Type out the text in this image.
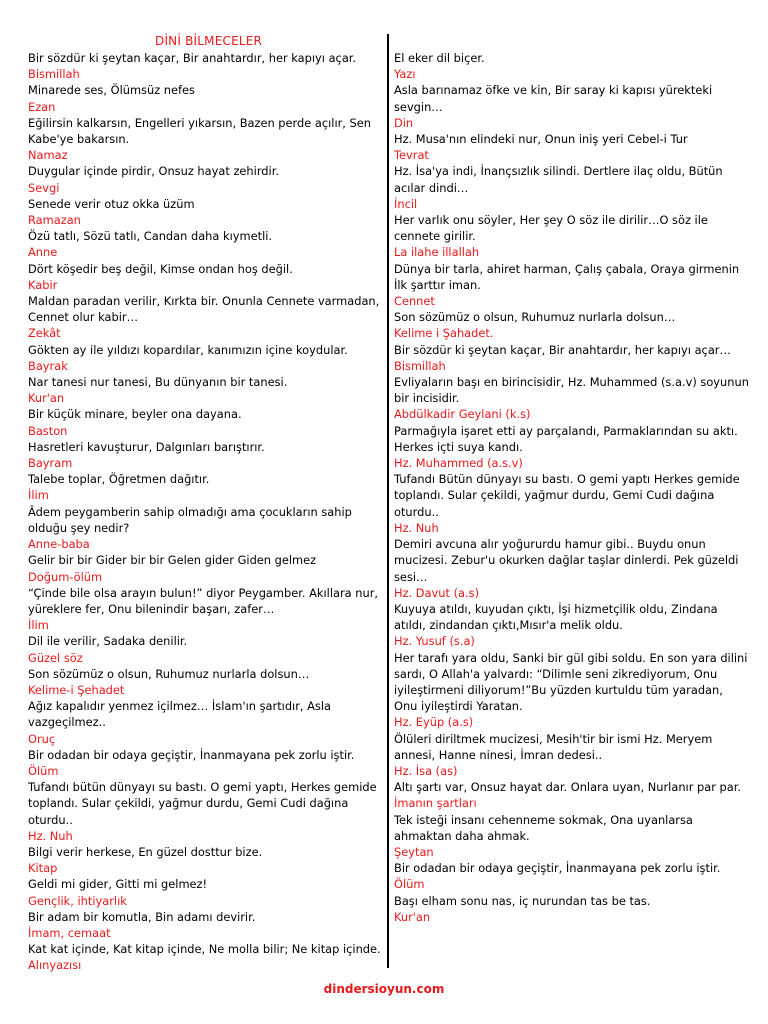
DİNİ BİLMECELER
Bir sözdür ki şeytan kaçar, Bir anahtardır, her kapıyı açar.
Bismillah
Minarede ses, Ölümsüz nefes
Ezan
Eğilirsin kalkarsın, Engelleri yıkarsın, Bazen perde açılır, Sen Kabe'ye bakarsın.
Namaz
Duygular içinde pirdir, Onsuz hayat zehirdir.
Sevgi
Senede verir otuz okka üzüm
Ramazan
Özü tatlı, Sözü tatlı, Candan daha kıymetli.
Anne
Dört köşedir beş değil, Kimse ondan hoş değil.
Kabir
Maldan paradan verilir, Kırkta bir. Onunla Cennete varmadan, Cennet olur kabir…
Zekât
Gökten ay ile yıldızı kopardılar, kanımızın içine koydular.
Bayrak
Nar tanesi nur tanesi, Bu dünyanın bir tanesi.
Kur'an
Bir küçük minare, beyler ona dayana.
Baston
Hasretleri kavuşturur, Dalgınları barıştırır.
Bayram
Talebe toplar, Öğretmen dağıtır.
İlim
Âdem peygamberin sahip olmadığı ama çocukların sahip olduğu şey nedir?
Anne-baba
Gelir bir bir Gider bir bir Gelen gider Giden gelmez
Doğum-ölüm
“Çinde bile olsa arayın bulun!” diyor Peygamber. Akıllara nur, yüreklere fer, Onu bilenindir başarı, zafer…
İlim
Dil ile verilir, Sadaka denilir.
Güzel söz
Son sözümüz o olsun, Ruhumuz nurlarla dolsun…
Kelime-i Şehadet
Ağız kapalıdır yenmez içilmez… İslam'ın şartıdır, Asla vazgeçilmez..
Oruç
Bir odadan bir odaya geçiştir, İnanmayana pek zorlu iştir.
Ölüm
Tufandı bütün dünyayı su bastı. O gemi yaptı, Herkes gemide toplandı. Sular çekildi, yağmur durdu, Gemi Cudi dağına oturdu..
Hz. Nuh
Bilgi verir herkese, En güzel dosttur bize.
Kitap
Geldi mi gider, Gitti mi gelmez!
Gençlik, ihtiyarlık
Bir adam bir komutla, Bin adamı devirir.
İmam, cemaat
Kat kat içinde, Kat kitap içinde, Ne molla bilir; Ne kitap içinde.
Alınyazısı
El eker dil biçer.
Yazı
Asla barınamaz öfke ve kin, Bir saray ki kapısı yürekteki sevgin…
Din
Hz. Musa'nın elindeki nur, Onun iniş yeri Cebel-i Tur
Tevrat
Hz. İsa'ya indi, İnançsızlık silindi. Dertlere ilaç oldu, Bütün acılar dindi…
İncil
Her varlık onu söyler, Her şey O söz ile dirilir…O söz ile cennete girilir.
La ilahe illallah
Dünya bir tarla, ahiret harman, Çalış çabala, Oraya girmenin İlk şarttır iman.
Cennet
Son sözümüz o olsun, Ruhumuz nurlarla dolsun…
Kelime i Şahadet.
Bir sözdür ki şeytan kaçar, Bir anahtardır, her kapıyı açar…
Bismillah
Evliyaların başı en birincisidir, Hz. Muhammed (s.a.v) soyunun bir incisidir.
Abdülkadir Geylani (k.s)
Parmağıyla işaret etti ay parçalandı, Parmaklarından su aktı. Herkes içti suya kandı.
Hz. Muhammed (a.s.v)
Tufandı Bütün dünyayı su bastı. O gemi yaptı Herkes gemide toplandı. Sular çekildi, yağmur durdu, Gemi Cudi dağına oturdu..
Hz. Nuh
Demiri avcuna alır yoğururdu hamur gibi.. Buydu onun mucizesi. Zebur'u okurken dağlar taşlar dinlerdi. Pek güzeldi sesi…
Hz. Davut (a.s)
Kuyuya atıldı, kuyudan çıktı, İşi hizmetçilik oldu, Zindana atıldı, zindandan çıktı,Mısır'a melik oldu.
Hz. Yusuf (s.a)
Her tarafı yara oldu, Sanki bir gül gibi soldu. En son yara dilini sardı, O Allah'a yalvardı: “Dilimle seni zikrediyorum, Onu iyileştirmeni diliyorum!”Bu yüzden kurtuldu tüm yaradan, Onu iyileştirdi Yaratan.
Hz. Eyüp (a.s)
Ölüleri diriltmek mucizesi, Mesih'tir bir ismi Hz. Meryem annesi, Hanne ninesi, İmran dedesi..
Hz. İsa (as)
Altı şartı var, Onsuz hayat dar. Onlara uyan, Nurlanır par par.
İmanın şartları
Tek isteği insanı cehenneme sokmak, Ona uyanlarsa ahmaktan daha ahmak.
Şeytan
Bir odadan bir odaya geçiştir, İnanmayana pek zorlu iştir.
Ölüm
Başı elham sonu nas, iç nurundan tas be tas.
Kur'an
dindersioyun.com
